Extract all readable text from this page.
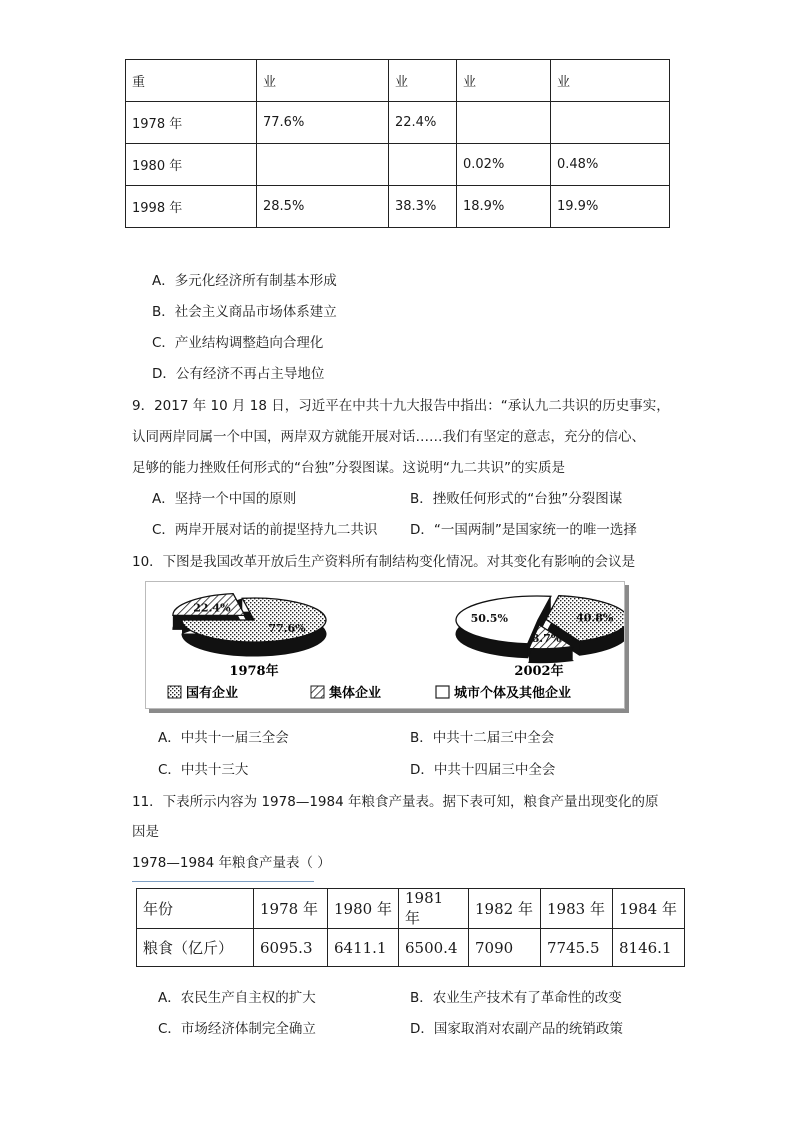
重	业	业	业	业
1978 年	77.6%	22.4%		
1980 年			0.02%	0.48%
1998 年	28.5%	38.3%	18.9%	19.9%
A．多元化经济所有制基本形成
B．社会主义商品市场体系建立
C．产业结构调整趋向合理化
D．公有经济不再占主导地位
9．2017 年 10 月 18 日，习近平在中共十九大报告中指出：“承认九二共识的历史事实，
认同两岸同属一个中国，两岸双方就能开展对话……我们有坚定的意志，充分的信心、
足够的能力挫败任何形式的“台独”分裂图谋。这说明“九二共识”的实质是
A．坚持一个中国的原则	B．挫败任何形式的“台独”分裂图谋
C．两岸开展对话的前提坚持九二共识 D．“一国两制”是国家统一的唯一选择
10．下图是我国改革开放后生产资料所有制结构变化情况。对其变化有影响的会议是
77.6%
22.4%
40.8%
8.7%
50.5%
1978年	2002年
国有企业	集体企业	城市个体及其他企业
A．中共十一届三全会	B．中共十二届三中全会
C．中共十三大	D．中共十四届三中全会
11．下表所示内容为 1978—1984 年粮食产量表。据下表可知，粮食产量出现变化的原
因是
1978—1984 年粮食产量表（ ）
年份	1978 年	1980 年	1981 年	1982 年	1983 年	1984 年
粮食（亿斤）	6095.3	6411.1	6500.4	7090	7745.5	8146.1
A．农民生产自主权的扩大	B．农业生产技术有了革命性的改变
C．市场经济体制完全确立	D．国家取消对农副产品的统销政策
